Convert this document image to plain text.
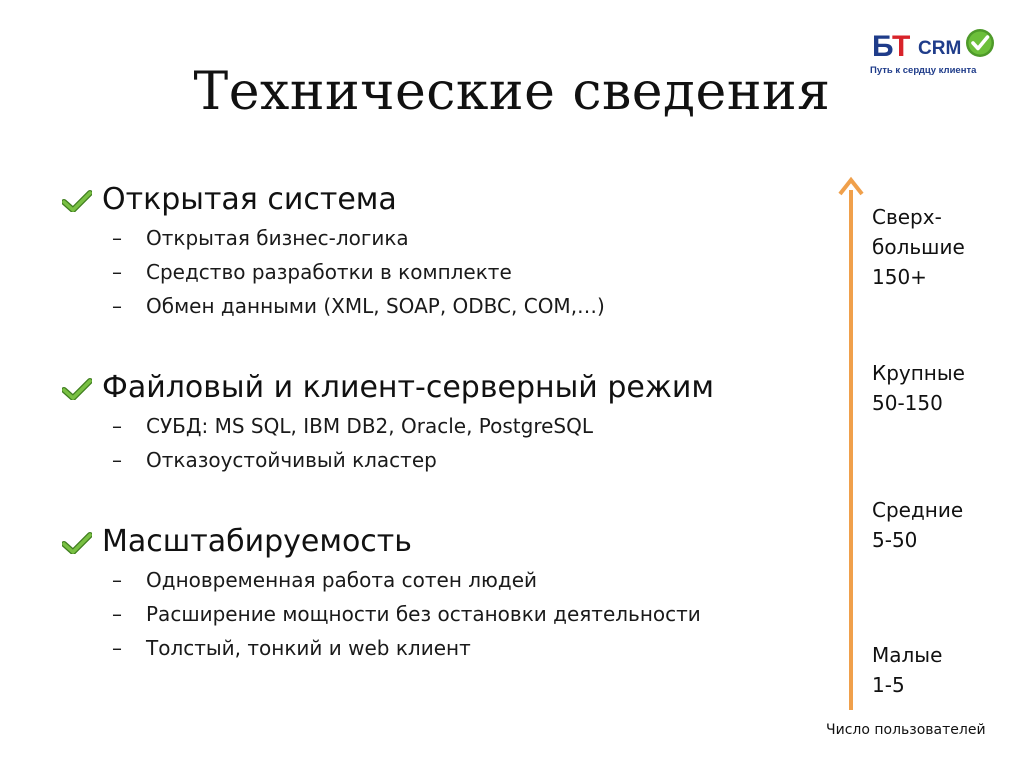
Б
Т CRM
Путь к сердцу клиента
Технические сведения
Открытая система
– Открытая бизнес-логика
– Средство разработки в комплекте
– Обмен данными (XML, SOAP, ODBC, COM,…)
Файловый и клиент-серверный режим
– СУБД: MS SQL, IBM DB2, Oracle, PostgreSQL
– Отказоустойчивый кластер
Масштабируемость
– Одновременная работа сотен людей
– Расширение мощности без остановки деятельности
– Толстый, тонкий и web клиент
Сверх-
большие
150+
Крупные
50-150
Средние
5-50
Малые
1-5
Число пользователей
